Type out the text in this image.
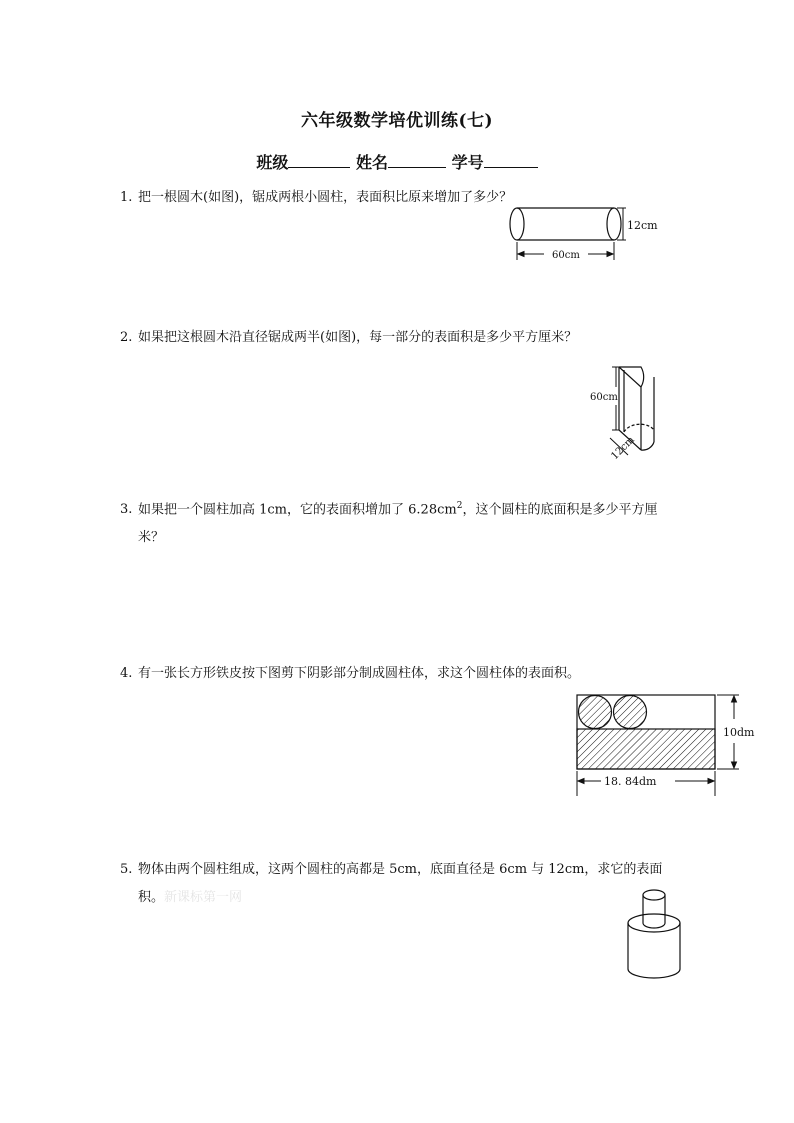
六年级数学培优训练(七)
班级	姓名	学号
1. 把一根圆木(如图)，锯成两根小圆柱，表面积比原来增加了多少？
12cm
60cm
2. 如果把这根圆木沿直径锯成两半(如图)，每一部分的表面积是多少平方厘米？
60cm
12cm
3. 如果把一个圆柱加高 1cm，它的表面积增加了 $6.28cm^2$，这个圆柱的底面积是多少平方厘
米？
4. 有一张长方形铁皮按下图剪下阴影部分制成圆柱体，求这个圆柱体的表面积。
10dm
18. 84dm
5. 物体由两个圆柱组成，这两个圆柱的高都是 5cm，底面直径是 6cm 与 12cm，求它的表面
积。新课标第一网
